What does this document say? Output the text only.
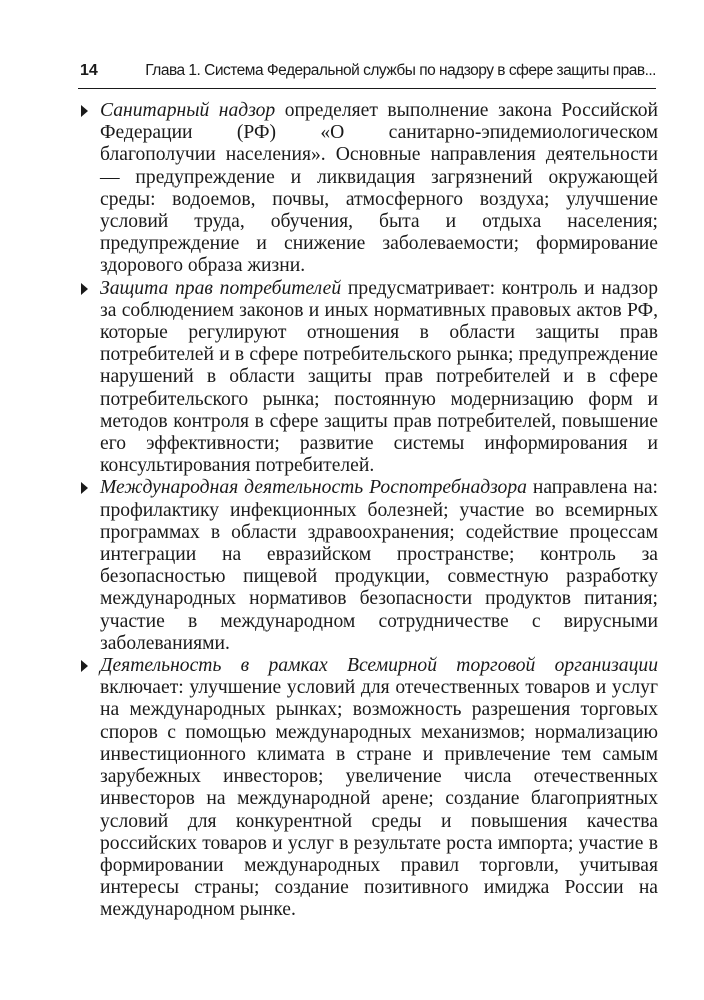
14	Глава 1. Система Федеральной службы по надзору в сфере защиты прав...

Санитарный надзор определяет выполнение закона Российской Федерации (РФ) «О санитарно-эпидемиологическом благополучии населения». Основные направления деятельности — предупреждение и ликвидация загрязнений окружающей среды: водоемов, почвы, атмосферного воздуха; улучшение условий труда, обучения, быта и отдыха населения; предупреждение и снижение заболеваемости; формирование здорового образа жизни.

Защита прав потребителей предусматривает: контроль и надзор за соблюдением законов и иных нормативных правовых актов РФ, которые регулируют отношения в области защиты прав потребителей и в сфере потребительского рынка; предупреждение нарушений в области защиты прав потребителей и в сфере потребительского рынка; постоянную модернизацию форм и методов контроля в сфере защиты прав потребителей, повышение его эффективности; развитие системы информирования и консультирования потребителей.

Международная деятельность Роспотребнадзора направлена на: профилактику инфекционных болезней; участие во всемирных программах в области здравоохранения; содействие процессам интеграции на евразийском пространстве; контроль за безопасностью пищевой продукции, совместную разработку международных нормативов безопасности продуктов питания; участие в международном сотрудничестве с вирусными заболеваниями.

Деятельность в рамках Всемирной торговой организации включает: улучшение условий для отечественных товаров и услуг на международных рынках; возможность разрешения торговых споров с помощью международных механизмов; нормализацию инвестиционного климата в стране и привлечение тем самым зарубежных инвесторов; увеличение числа отечественных инвесторов на международной арене; создание благоприятных условий для конкурентной среды и повышения качества российских товаров и услуг в результате роста импорта; участие в формировании международных правил торговли, учитывая интересы страны; создание позитивного имиджа России на международном рынке.
